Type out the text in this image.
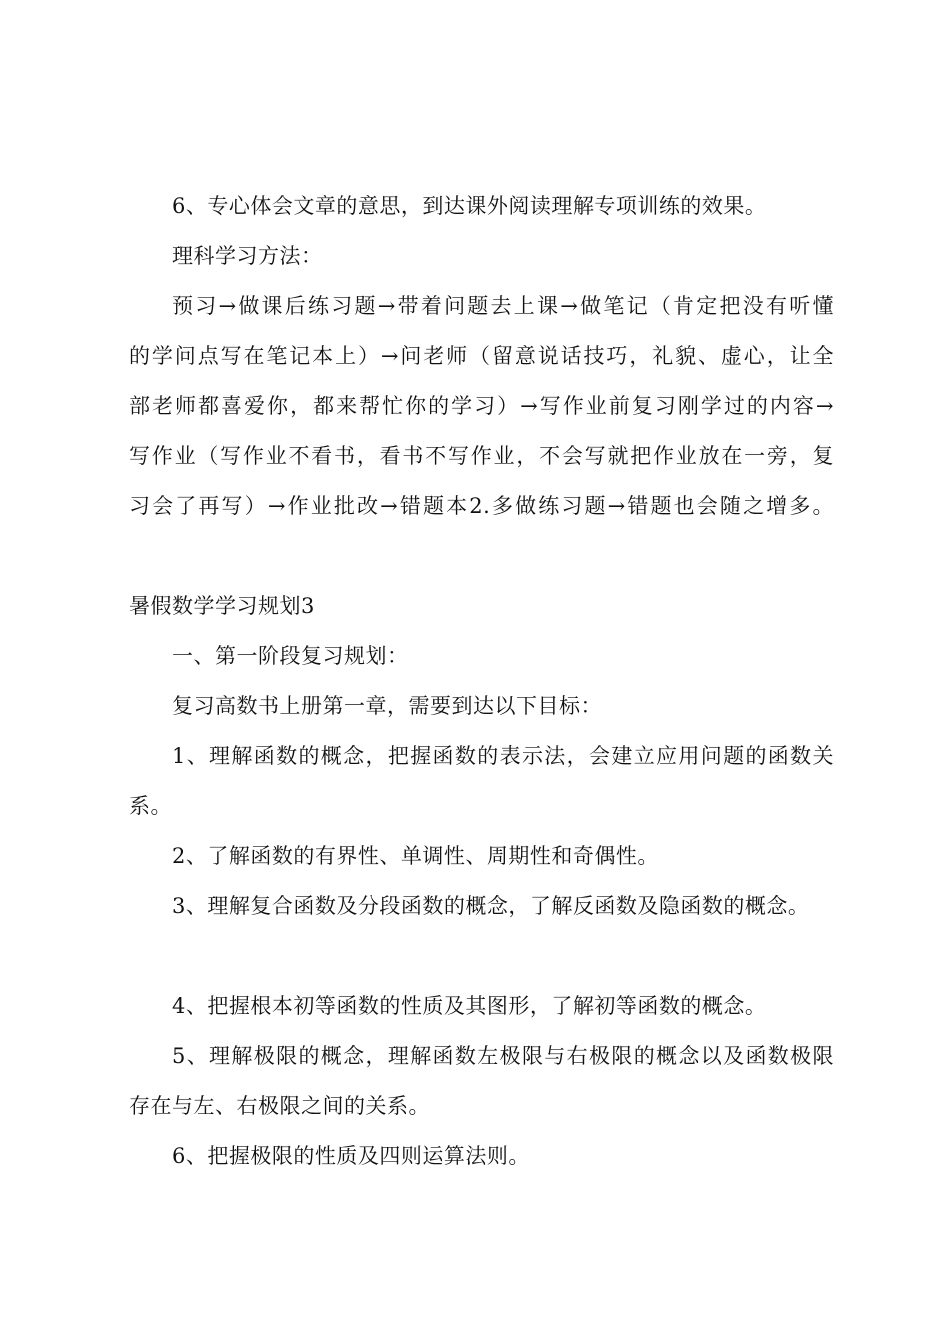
6、专心体会文章的意思，到达课外阅读理解专项训练的效果。
理科学习方法：
预习→做课后练习题→带着问题去上课→做笔记（肯定把没有听懂
的学问点写在笔记本上）→问老师（留意说话技巧，礼貌、虚心，让全
部老师都喜爱你，都来帮忙你的学习）→写作业前复习刚学过的内容→
写作业（写作业不看书，看书不写作业，不会写就把作业放在一旁，复
习会了再写）→作业批改→错题本2.多做练习题→错题也会随之增多。
暑假数学学习规划3
一、第一阶段复习规划：
复习高数书上册第一章，需要到达以下目标：
1、理解函数的概念，把握函数的表示法，会建立应用问题的函数关
系。
2、了解函数的有界性、单调性、周期性和奇偶性。
3、理解复合函数及分段函数的概念，了解反函数及隐函数的概念。
4、把握根本初等函数的性质及其图形，了解初等函数的概念。
5、理解极限的概念，理解函数左极限与右极限的概念以及函数极限
存在与左、右极限之间的关系。
6、把握极限的性质及四则运算法则。
